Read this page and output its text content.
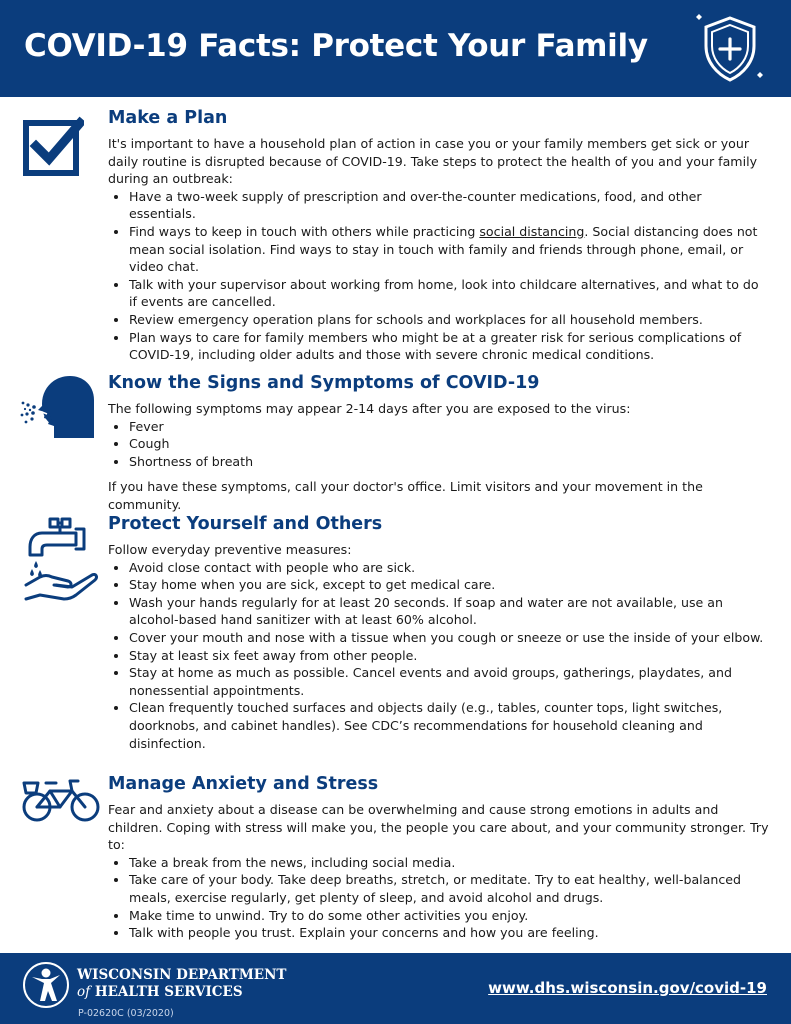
COVID-19 Facts: Protect Your Family
Make a Plan

It's important to have a household plan of action in case you or your family members get sick or your daily routine is disrupted because of COVID-19. Take steps to protect the health of you and your family during an outbreak:

• Have a two-week supply of prescription and over-the-counter medications, food, and other essentials.
• Find ways to keep in touch with others while practicing social distancing. Social distancing does not mean social isolation. Find ways to stay in touch with family and friends through phone, email, or video chat.
• Talk with your supervisor about working from home, look into childcare alternatives, and what to do if events are cancelled.
• Review emergency operation plans for schools and workplaces for all household members.
• Plan ways to care for family members who might be at a greater risk for serious complications of COVID-19, including older adults and those with severe chronic medical conditions.
Know the Signs and Symptoms of COVID-19

The following symptoms may appear 2-14 days after you are exposed to the virus:

• Fever
• Cough
• Shortness of breath

If you have these symptoms, call your doctor's office. Limit visitors and your movement in the community.

Protect Yourself and Others

Follow everyday preventive measures:

• Avoid close contact with people who are sick.
• Stay home when you are sick, except to get medical care.
• Wash your hands regularly for at least 20 seconds. If soap and water are not available, use an alcohol-based hand sanitizer with at least 60% alcohol.
• Cover your mouth and nose with a tissue when you cough or sneeze or use the inside of your elbow.
• Stay at least six feet away from other people.
• Stay at home as much as possible. Cancel events and avoid groups, gatherings, playdates, and nonessential appointments.
• Clean frequently touched surfaces and objects daily (e.g., tables, counter tops, light switches, doorknobs, and cabinet handles). See CDC’s recommendations for household cleaning and disinfection.
Manage Anxiety and Stress

Fear and anxiety about a disease can be overwhelming and cause strong emotions in adults and children. Coping with stress will make you, the people you care about, and your community stronger. Try to:

• Take a break from the news, including social media.
• Take care of your body. Take deep breaths, stretch, or meditate. Try to eat healthy, well-balanced meals, exercise regularly, get plenty of sleep, and avoid alcohol and drugs.
• Make time to unwind. Try to do some other activities you enjoy.
• Talk with people you trust. Explain your concerns and how you are feeling.
WISCONSIN DEPARTMENT
of HEALTH SERVICES
P-02620C (03/2020)
www.dhs.wisconsin.gov/covid-19
